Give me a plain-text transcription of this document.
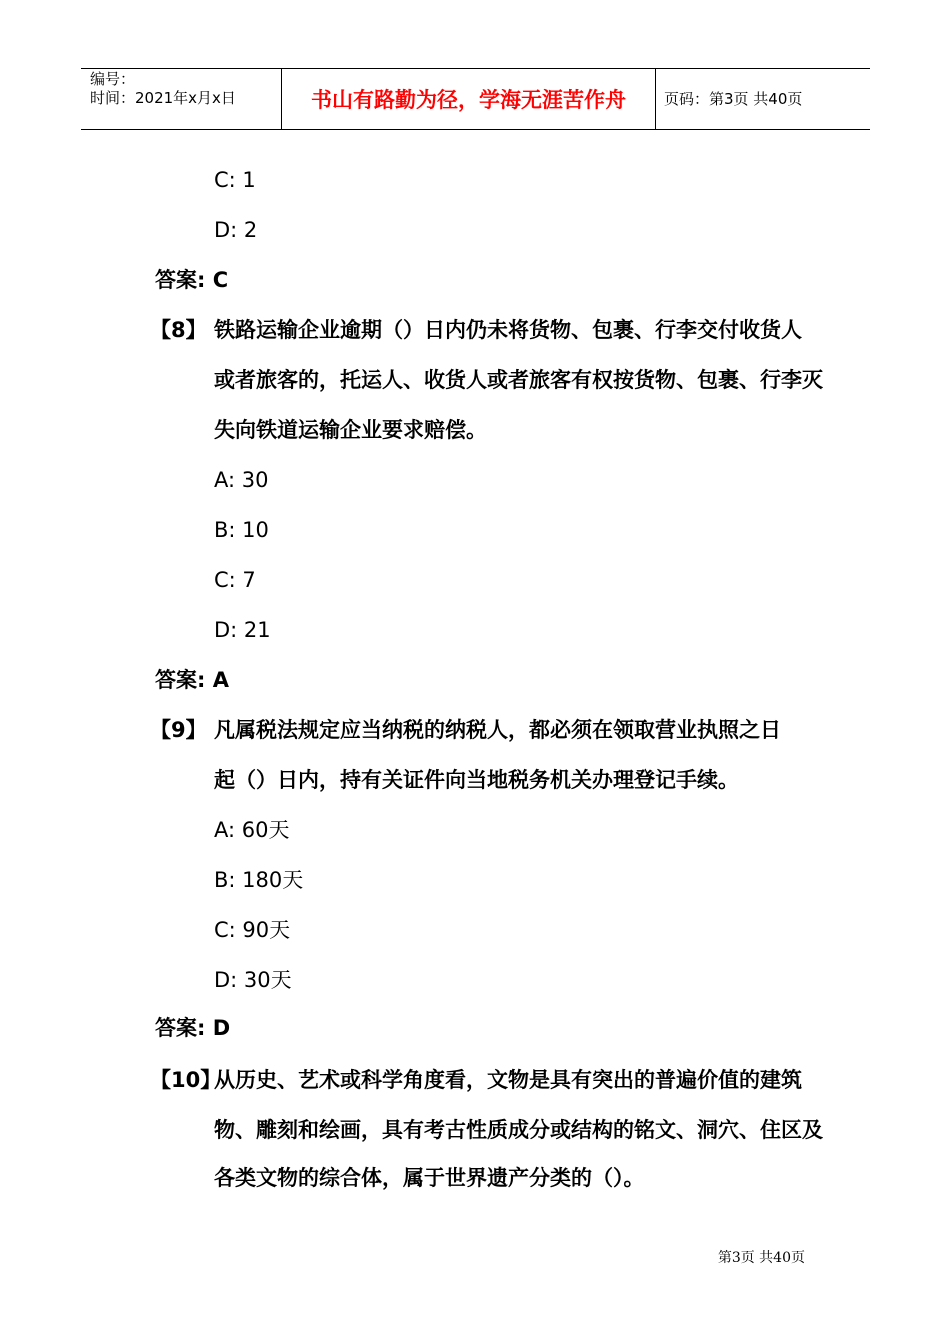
编号：
时间：2021年x月x日	书山有路勤为径，学海无涯苦作舟	页码：第3页 共40页
C: 1
D: 2
答案: C
【8】 铁路运输企业逾期（）日内仍未将货物、包裹、行李交付收货人
或者旅客的，托运人、收货人或者旅客有权按货物、包裹、行李灭
失向铁道运输企业要求赔偿。
A: 30
B: 10
C: 7
D: 21
答案: A
【9】 凡属税法规定应当纳税的纳税人，都必须在领取营业执照之日
起（）日内，持有关证件向当地税务机关办理登记手续。
A: 60天
B: 180天
C: 90天
D: 30天
答案: D
【10】
从历史、艺术或科学角度看，文物是具有突出的普遍价值的建筑
物、雕刻和绘画，具有考古性质成分或结构的铭文、洞穴、住区及
各类文物的综合体，属于世界遗产分类的（）。
第3页 共40页
